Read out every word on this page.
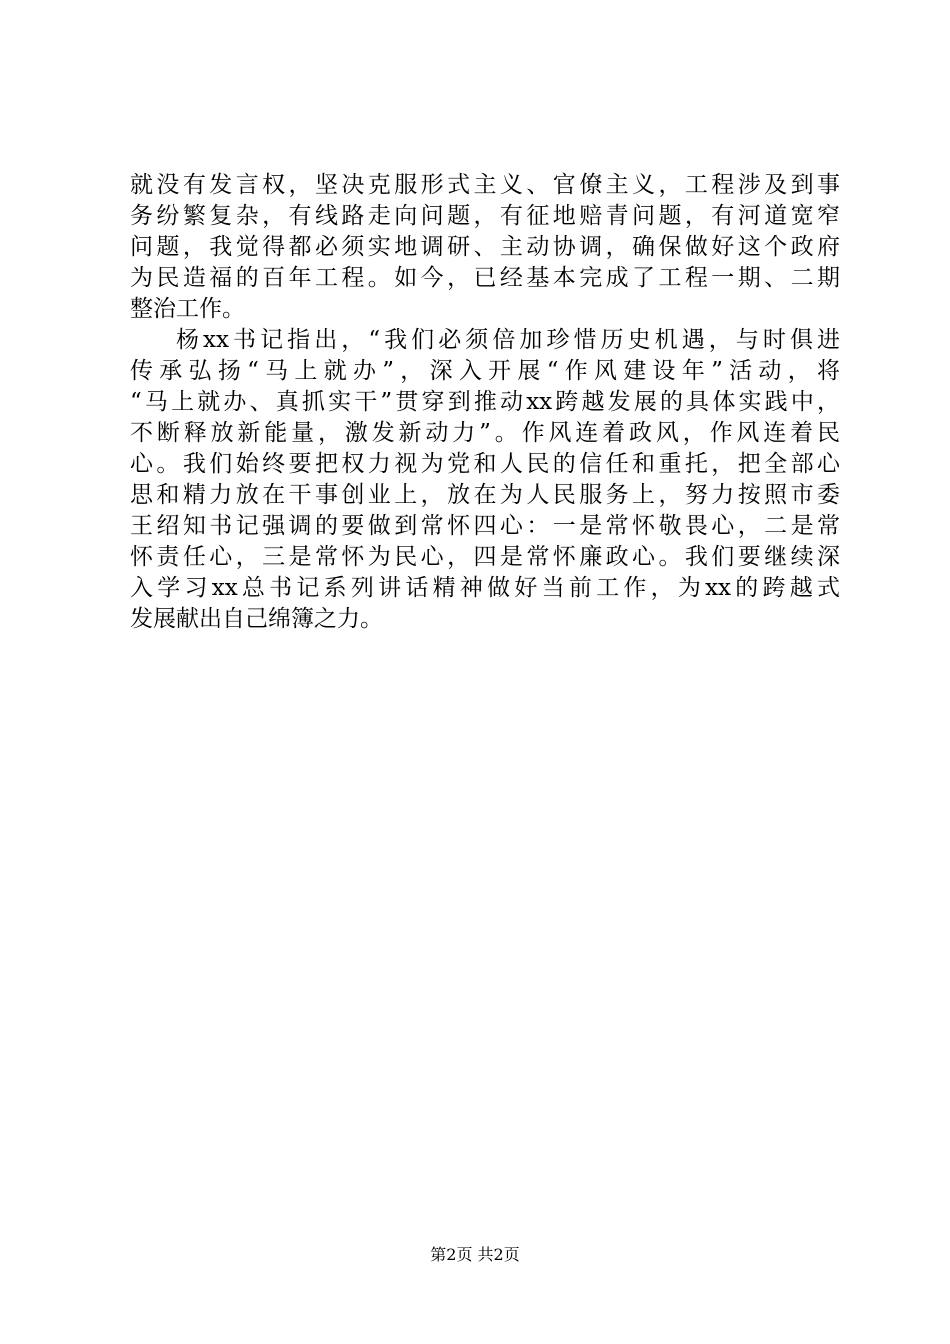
就没有发言权，坚决克服形式主义、官僚主义，工程涉及到事
务纷繁复杂，有线路走向问题，有征地赔青问题，有河道宽窄
问题，我觉得都必须实地调研、主动协调，确保做好这个政府
为民造福的百年工程。如今，已经基本完成了工程一期、二期
整治工作。
杨xx书记指出，“我们必须倍加珍惜历史机遇，与时俱进
传承弘扬“马上就办”，深入开展“作风建设年”活动，将
“马上就办、真抓实干”贯穿到推动xx跨越发展的具体实践中，
不断释放新能量，激发新动力”。作风连着政风，作风连着民
心。我们始终要把权力视为党和人民的信任和重托，把全部心
思和精力放在干事创业上，放在为人民服务上，努力按照市委
王绍知书记强调的要做到常怀四心：一是常怀敬畏心，二是常
怀责任心，三是常怀为民心，四是常怀廉政心。我们要继续深
入学习xx总书记系列讲话精神做好当前工作，为xx的跨越式
发展献出自己绵簿之力。
第2页 共2页
